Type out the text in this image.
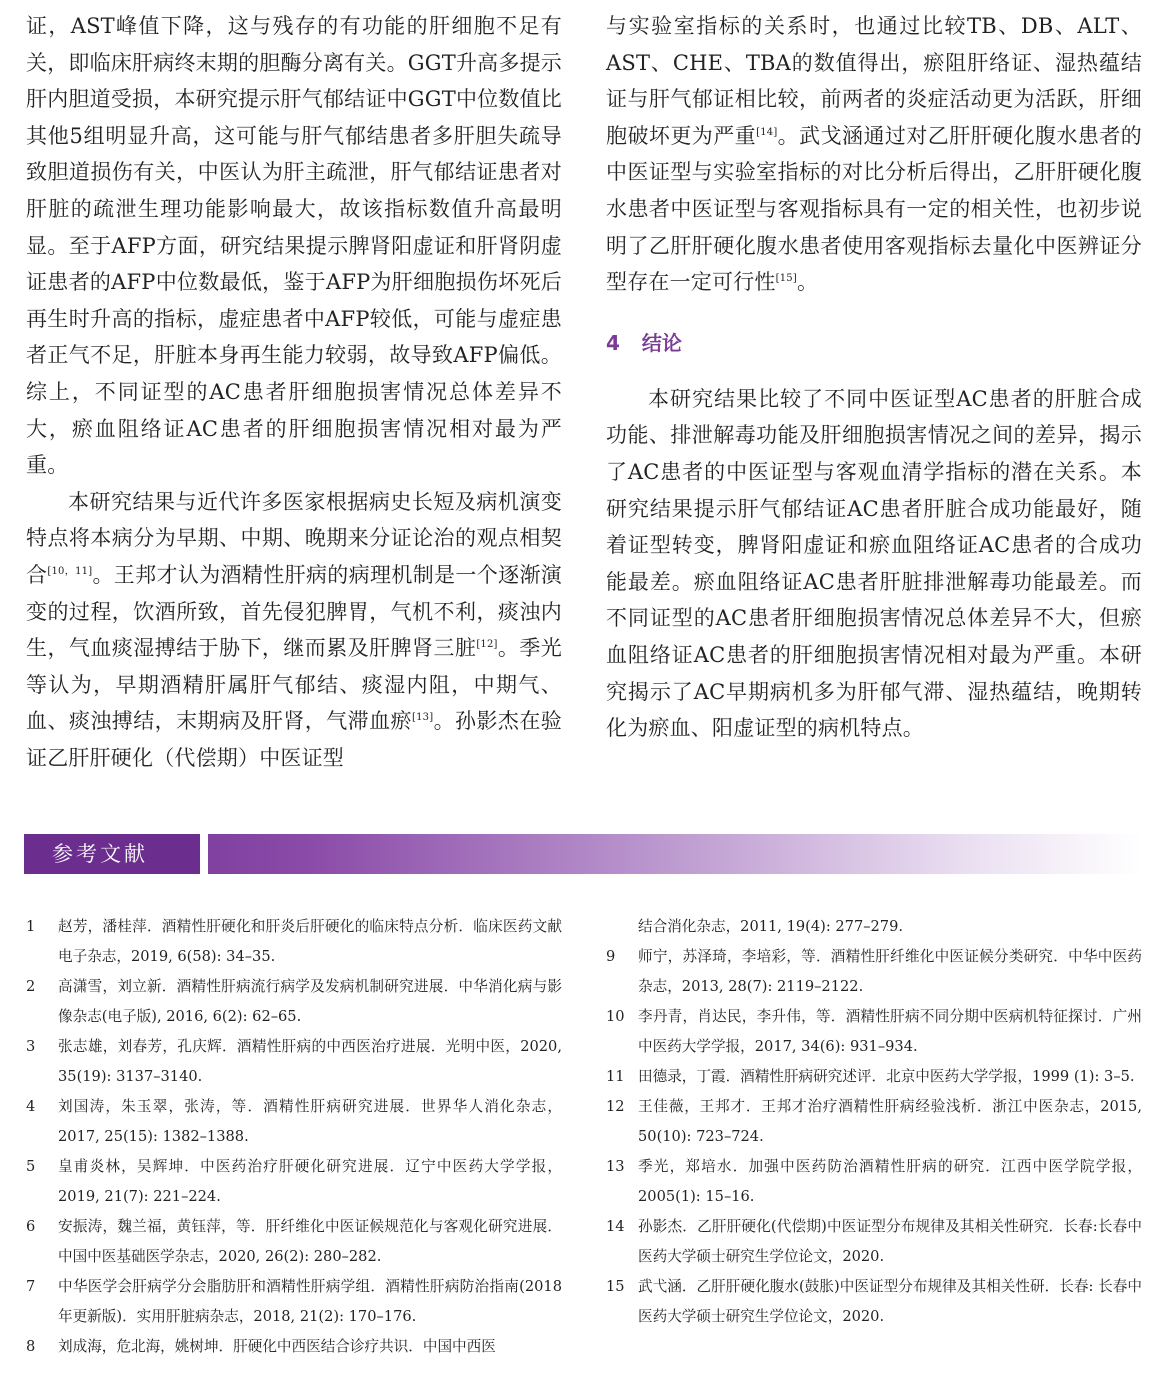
证，AST峰值下降，这与残存的有功能的肝细胞不足有关，即临床肝病终末期的胆酶分离有关。GGT升高多提示肝内胆道受损，本研究提示肝气郁结证中GGT中位数值比其他5组明显升高，这可能与肝气郁结患者多肝胆失疏导致胆道损伤有关，中医认为肝主疏泄，肝气郁结证患者对肝脏的疏泄生理功能影响最大，故该指标数值升高最明显。至于AFP方面，研究结果提示脾肾阳虚证和肝肾阴虚证患者的AFP中位数最低，鉴于AFP为肝细胞损伤坏死后再生时升高的指标，虚症患者中AFP较低，可能与虚症患者正气不足，肝脏本身再生能力较弱，故导致AFP偏低。综上，不同证型的AC患者肝细胞损害情况总体差异不大，瘀血阻络证AC患者的肝细胞损害情况相对最为严重。

本研究结果与近代许多医家根据病史长短及病机演变特点将本病分为早期、中期、晚期来分证论治的观点相契合[10，11]。王邦才认为酒精性肝病的病理机制是一个逐渐演变的过程，饮酒所致，首先侵犯脾胃，气机不利，痰浊内生，气血痰湿搏结于胁下，继而累及肝脾肾三脏[12]。季光等认为，早期酒精肝属肝气郁结、痰湿内阻，中期气、血、痰浊搏结，末期病及肝肾，气滞血瘀[13]。孙影杰在验证乙肝肝硬化（代偿期）中医证型

与实验室指标的关系时，也通过比较TB、DB、ALT、AST、CHE、TBA的数值得出，瘀阻肝络证、湿热蕴结证与肝气郁证相比较，前两者的炎症活动更为活跃，肝细胞破坏更为严重[14]。武戈涵通过对乙肝肝硬化腹水患者的中医证型与实验室指标的对比分析后得出，乙肝肝硬化腹水患者中医证型与客观指标具有一定的相关性，也初步说明了乙肝肝硬化腹水患者使用客观指标去量化中医辨证分型存在一定可行性[15]。

4 结论

本研究结果比较了不同中医证型AC患者的肝脏合成功能、排泄解毒功能及肝细胞损害情况之间的差异，揭示了AC患者的中医证型与客观血清学指标的潜在关系。本研究结果提示肝气郁结证AC患者肝脏合成功能最好，随着证型转变，脾肾阳虚证和瘀血阻络证AC患者的合成功能最差。瘀血阻络证AC患者肝脏排泄解毒功能最差。而不同证型的AC患者肝细胞损害情况总体差异不大，但瘀血阻络证AC患者的肝细胞损害情况相对最为严重。本研究揭示了AC早期病机多为肝郁气滞、湿热蕴结，晚期转化为瘀血、阳虚证型的病机特点。

参考文献
1	赵芳，潘桂萍．酒精性肝硬化和肝炎后肝硬化的临床特点分析．临床医药文献电子杂志，2019, 6(58): 34–35.
2	高潇雪，刘立新．酒精性肝病流行病学及发病机制研究进展．中华消化病与影像杂志(电子版), 2016, 6(2): 62–65.
3	张志雄，刘春芳，孔庆辉．酒精性肝病的中西医治疗进展．光明中医，2020, 35(19): 3137–3140.
4	刘国涛，朱玉翠，张涛，等．酒精性肝病研究进展．世界华人消化杂志，2017, 25(15): 1382–1388.
5	皇甫炎林，吴辉坤．中医药治疗肝硬化研究进展．辽宁中医药大学学报，2019, 21(7): 221–224.
6	安振涛，魏兰福，黄钰萍，等．肝纤维化中医证候规范化与客观化研究进展．中国中医基础医学杂志，2020, 26(2): 280–282.
7	中华医学会肝病学分会脂肪肝和酒精性肝病学组．酒精性肝病防治指南(2018年更新版)．实用肝脏病杂志，2018, 21(2): 170–176.
8	刘成海，危北海，姚树坤．肝硬化中西医结合诊疗共识．中国中西医
结合消化杂志，2011, 19(4): 277–279.
9	师宁，苏泽琦，李培彩，等．酒精性肝纤维化中医证候分类研究．中华中医药杂志，2013, 28(7): 2119–2122.
10 李丹青，肖达民，李升伟，等．酒精性肝病不同分期中医病机特征探讨．广州中医药大学学报，2017, 34(6): 931–934.
11 田德录，丁霞．酒精性肝病研究述评．北京中医药大学学报，1999 (1): 3–5.
12 王佳薇，王邦才．王邦才治疗酒精性肝病经验浅析．浙江中医杂志，2015, 50(10): 723–724.
13 季光，郑培水．加强中医药防治酒精性肝病的研究．江西中医学院学报，2005(1): 15–16.
14 孙影杰．乙肝肝硬化(代偿期)中医证型分布规律及其相关性研究．长春:长春中医药大学硕士研究生学位论文，2020.
15 武弋涵．乙肝肝硬化腹水(鼓胀)中医证型分布规律及其相关性研．长春: 长春中医药大学硕士研究生学位论文，2020.
